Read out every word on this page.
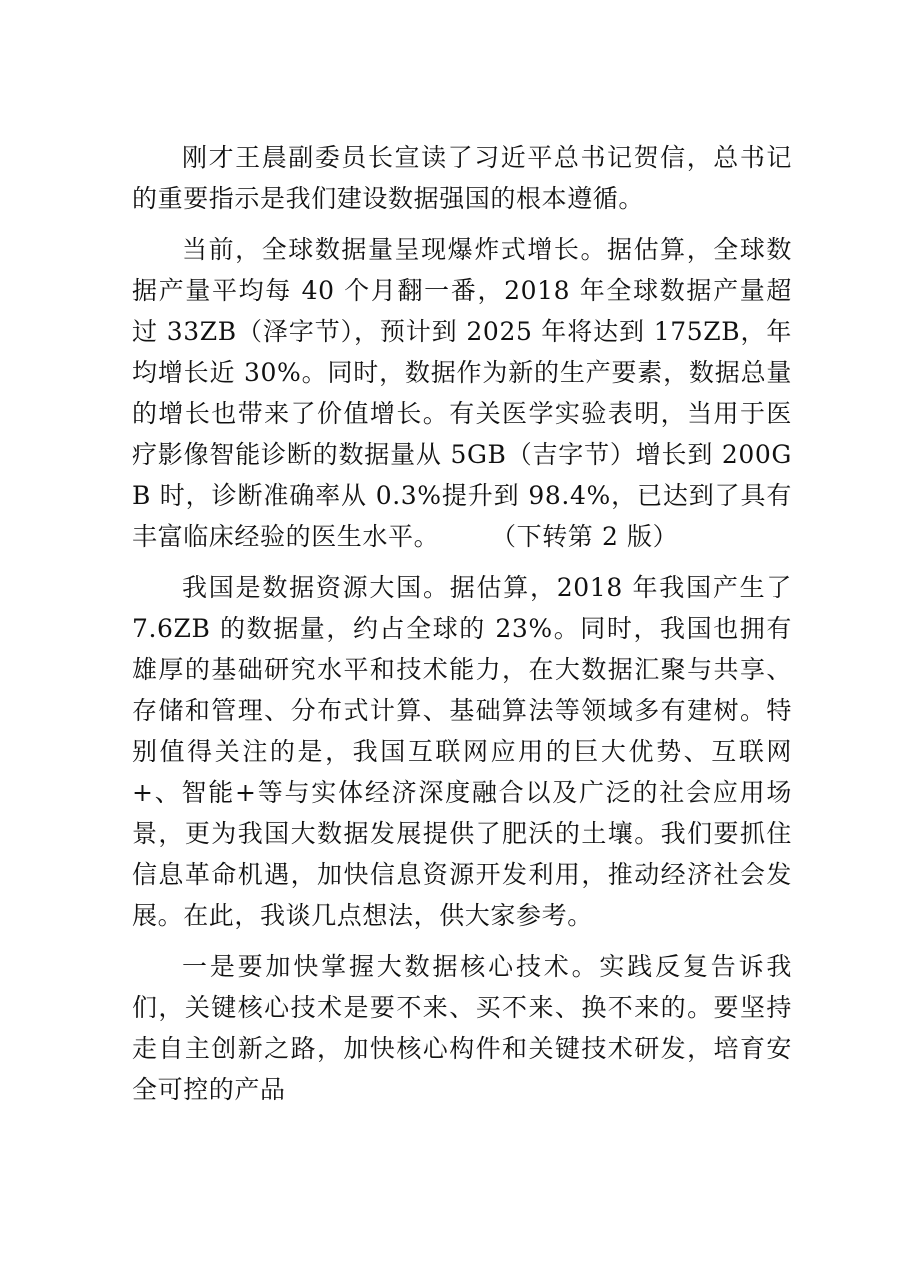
刚才王晨副委员长宣读了习近平总书记贺信，总书记的重要指示是我们建设数据强国的根本遵循。

当前，全球数据量呈现爆炸式增长。据估算，全球数据产量平均每 40 个月翻一番，2018 年全球数据产量超过 33ZB（泽字节），预计到 2025 年将达到 175ZB，年均增长近 30%。同时，数据作为新的生产要素，数据总量的增长也带来了价值增长。有关医学实验表明，当用于医疗影像智能诊断的数据量从 5GB（吉字节）增长到 200GB 时，诊断准确率从 0.3%提升到 98.4%，已达到了具有丰富临床经验的医生水平。　　　（下转第 2 版）

我国是数据资源大国。据估算，2018 年我国产生了 7.6ZB 的数据量，约占全球的 23%。同时，我国也拥有雄厚的基础研究水平和技术能力，在大数据汇聚与共享、存储和管理、分布式计算、基础算法等领域多有建树。特别值得关注的是，我国互联网应用的巨大优势、互联网+、智能+等与实体经济深度融合以及广泛的社会应用场景，更为我国大数据发展提供了肥沃的土壤。我们要抓住信息革命机遇，加快信息资源开发利用，推动经济社会发展。在此，我谈几点想法，供大家参考。

一是要加快掌握大数据核心技术。实践反复告诉我们，关键核心技术是要不来、买不来、换不来的。要坚持走自主创新之路，加快核心构件和关键技术研发，培育安全可控的产品
